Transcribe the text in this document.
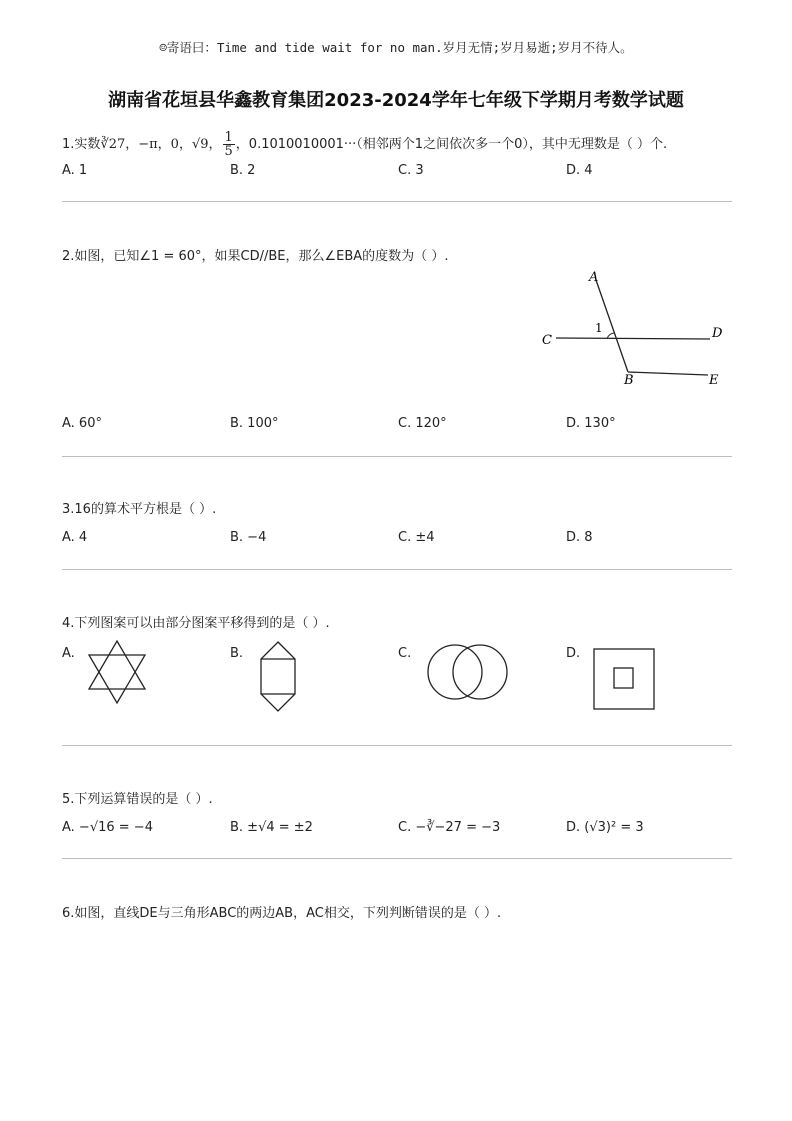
☺寄语曰：Time and tide wait for no man.岁月无情;岁月易逝;岁月不待人。
湖南省花垣县华鑫教育集团2023-2024学年七年级下学期月考数学试题
1.实数∛27，−π，0，√9， $\frac{1}{5}$ ，0.1010010001···（相邻两个1之间依次多一个0），其中无理数是（ ）个.
A. 1	B. 2	C. 3	D. 4
2.如图，已知∠1 = 60°，如果CD//BE，那么∠EBA的度数为（ ）.
A
C	D
B	E
1
A. 60°	B. 100°	C. 120°	D. 130°
3.16的算术平方根是（ ）.
A. 4	B. −4	C. ±4	D. 8
4.下列图案可以由部分图案平移得到的是（ ）.
A.	B.	C.	D.
5.下列运算错误的是（ ）.
A. −√16 = −4	B. ±√4 = ±2	C. −∛−27 = −3	D. (√3)² = 3
6.如图，直线DE与三角形ABC的两边AB，AC相交，下列判断错误的是（ ）.
